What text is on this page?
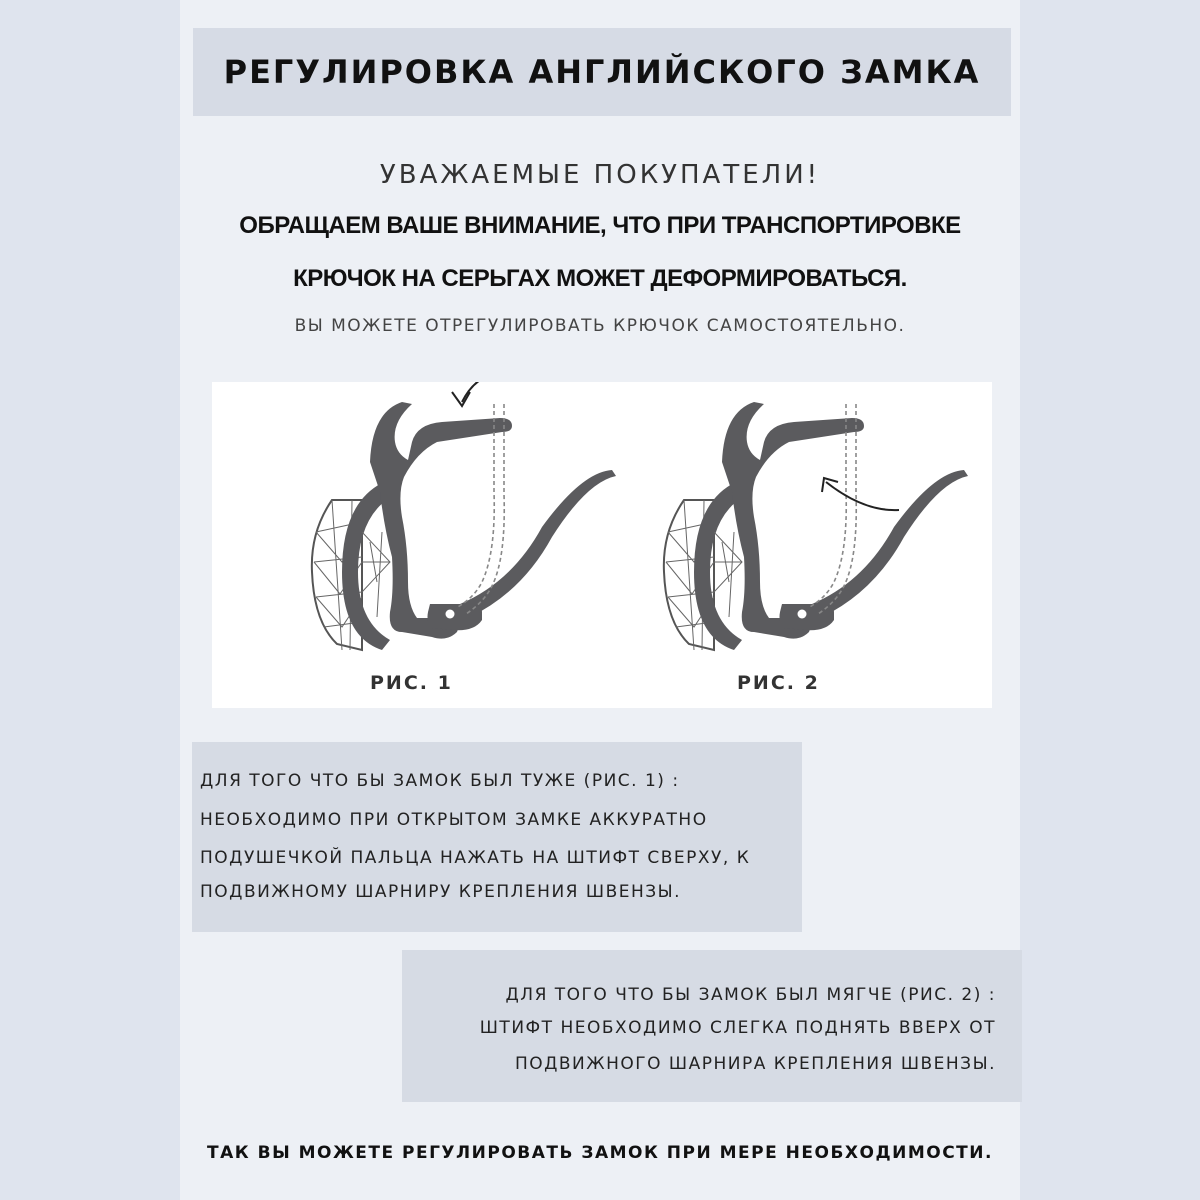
РЕГУЛИРОВКА АНГЛИЙСКОГО ЗАМКА
УВАЖАЕМЫЕ ПОКУПАТЕЛИ!
ОБРАЩАЕМ ВАШЕ ВНИМАНИЕ, ЧТО ПРИ ТРАНСПОРТИРОВКЕ
КРЮЧОК НА СЕРЬГАХ МОЖЕТ ДЕФОРМИРОВАТЬСЯ.
ВЫ МОЖЕТЕ ОТРЕГУЛИРОВАТЬ КРЮЧОК САМОСТОЯТЕЛЬНО.
РИС. 1	РИС. 2
ДЛЯ ТОГО ЧТО БЫ ЗАМОК БЫЛ ТУЖЕ (РИС. 1) :
НЕОБХОДИМО ПРИ ОТКРЫТОМ ЗАМКЕ АККУРАТНО
ПОДУШЕЧКОЙ ПАЛЬЦА НАЖАТЬ НА ШТИФТ СВЕРХУ, К
ПОДВИЖНОМУ ШАРНИРУ КРЕПЛЕНИЯ ШВЕНЗЫ.
ДЛЯ ТОГО ЧТО БЫ ЗАМОК БЫЛ МЯГЧЕ (РИС. 2) :
ШТИФТ НЕОБХОДИМО СЛЕГКА ПОДНЯТЬ ВВЕРХ ОТ
ПОДВИЖНОГО ШАРНИРА КРЕПЛЕНИЯ ШВЕНЗЫ.
ТАК ВЫ МОЖЕТЕ РЕГУЛИРОВАТЬ ЗАМОК ПРИ МЕРЕ НЕОБХОДИМОСТИ.
